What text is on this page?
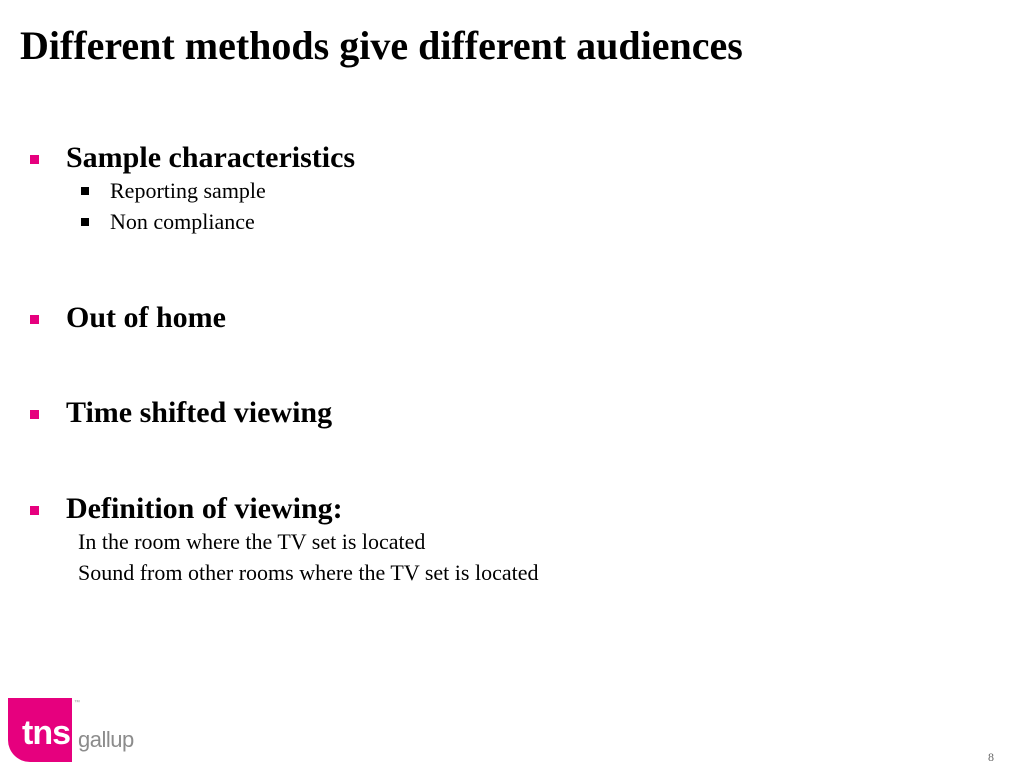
Different methods give different audiences
Sample characteristics
Reporting sample
Non compliance
Out of home
Time shifted viewing
Definition of viewing:
In the room where the TV set is located
Sound from other rooms where the TV set is located
tns
™
gallup
8
